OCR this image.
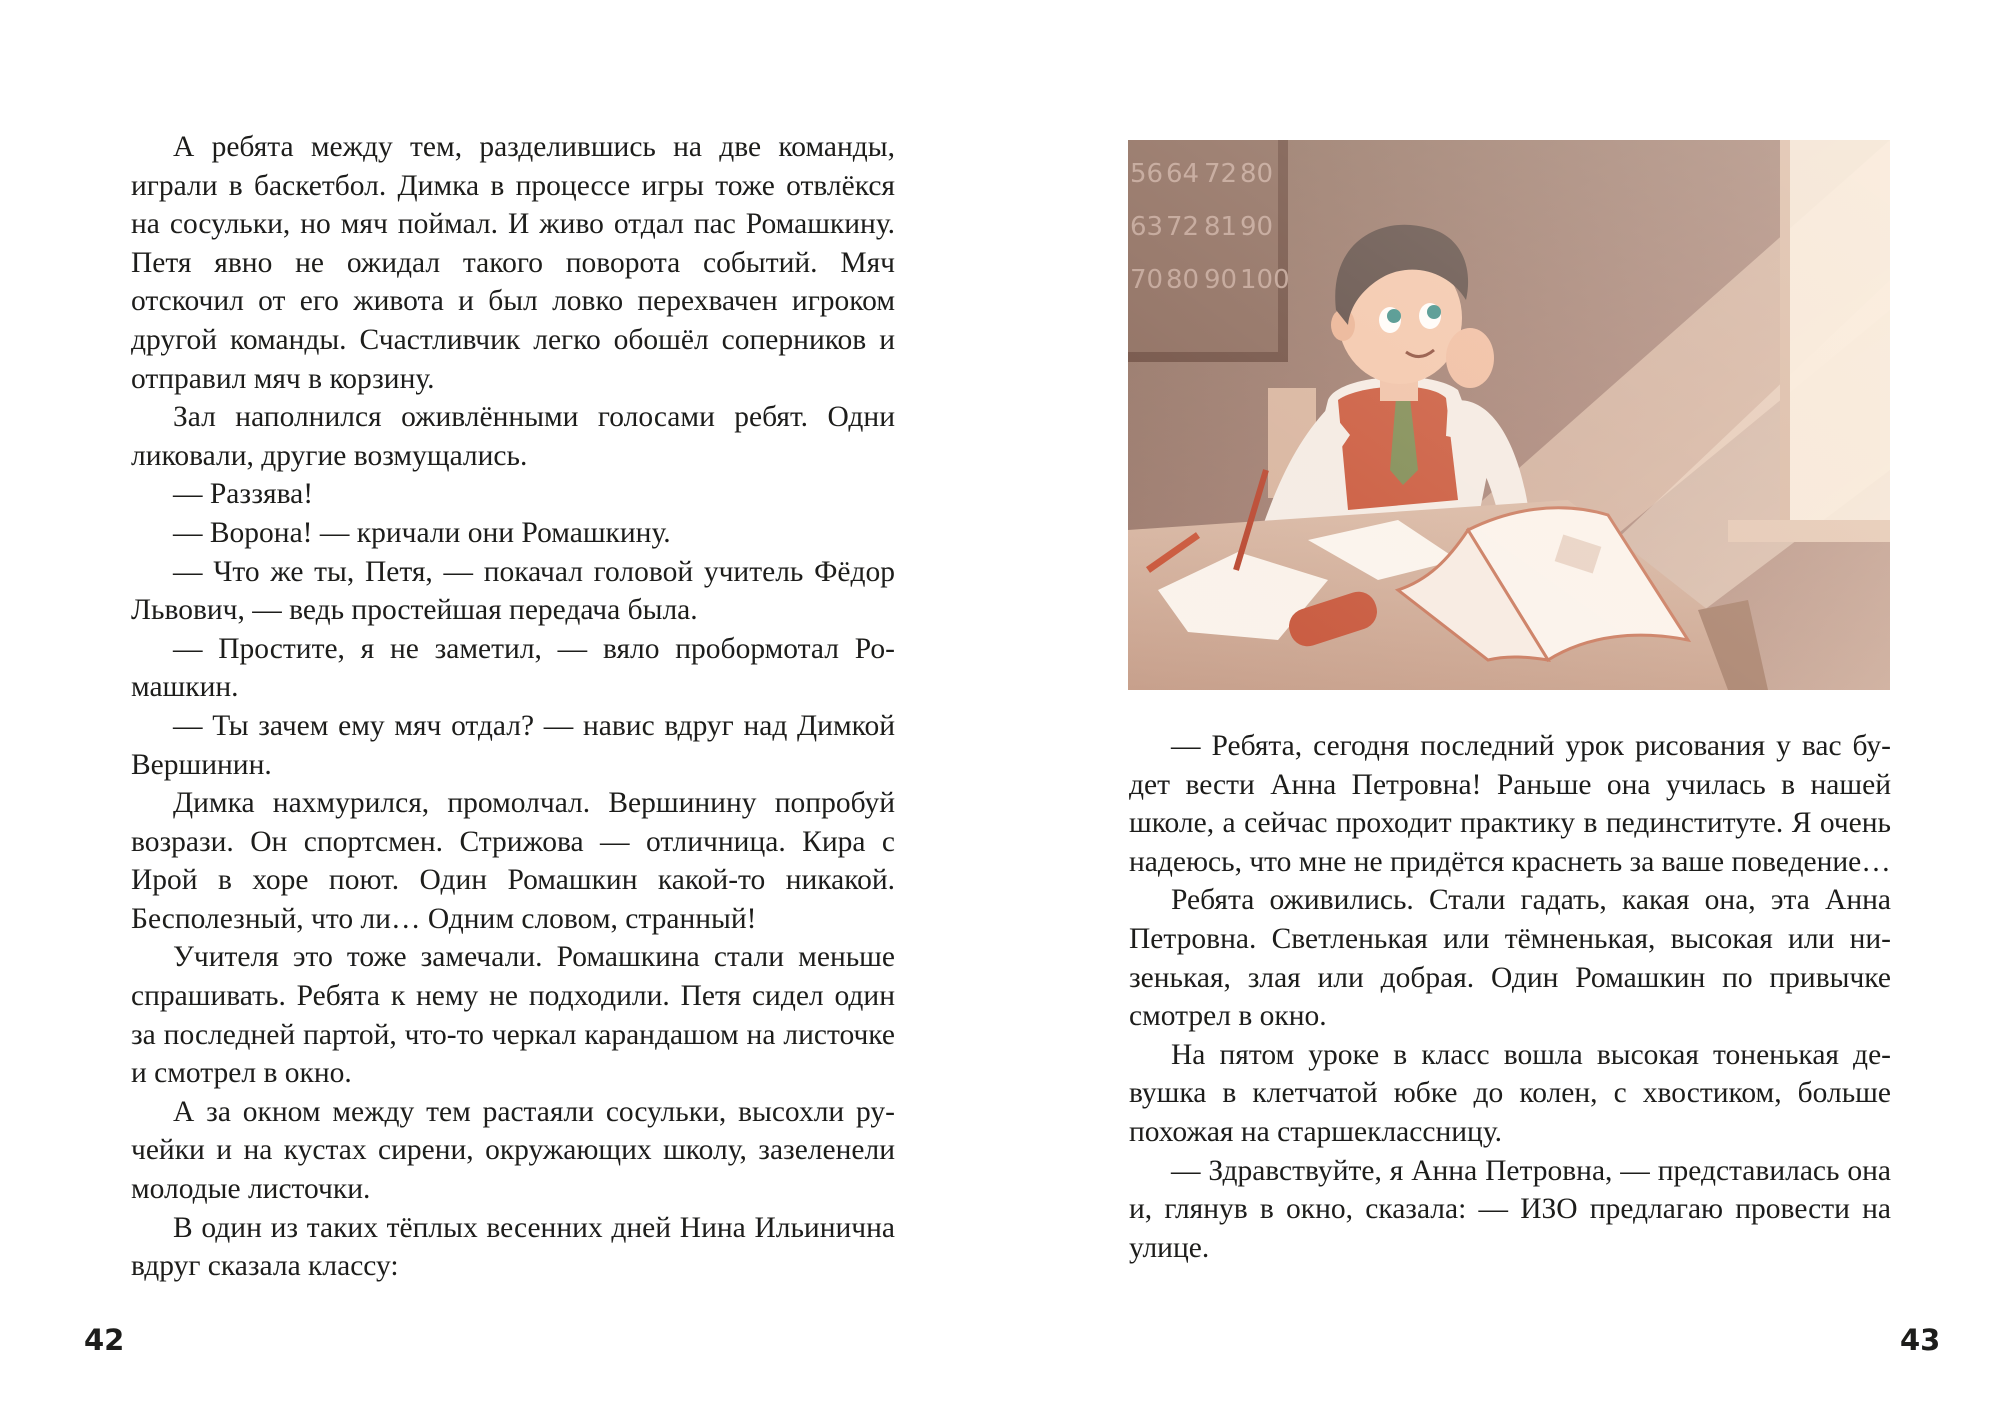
А ребята между тем, разделившись на две команды, играли в баскетбол. Димка в процессе игры тоже отвлёкся на сосульки, но мяч поймал. И живо отдал пас Ромашкину. Петя явно не ожидал такого поворота событий. Мяч отскочил от его живота и был ловко перехвачен игроком другой команды. Счастливчик легко обошёл соперников и отправил мяч в корзину.

Зал наполнился оживлёнными голосами ребят. Одни ликовали, другие возмущались.

— Раззява!

— Ворона! — кричали они Ромашкину.

— Что же ты, Петя, — покачал головой учитель Фёдор Львович, — ведь простейшая передача была.

— Простите, я не заметил, — вяло пробормотал Ромашкин.

— Ты зачем ему мяч отдал? — навис вдруг над Димкой Вершинин.

Димка нахмурился, промолчал. Вершинину попробуй возрази. Он спортсмен. Стрижова — отличница. Кира с Ирой в хоре поют. Один Ромашкин какой-то никакой. Бесполезный, что ли… Одним словом, странный!

Учителя это тоже замечали. Ромашкина стали меньше спрашивать. Ребята к нему не подходили. Петя сидел один за последней партой, что-то черкал карандашом на листочке и смотрел в окно.

А за окном между тем растаяли сосульки, высохли ручейки и на кустах сирени, окружающих школу, зазеленели молодые листочки.

В один из таких тёплых весенних дней Нина Ильинична вдруг сказала классу:

42
56 64 72 80
63 72 81 90
70 80 90 100

— Ребята, сегодня последний урок рисования у вас будет вести Анна Петровна! Раньше она училась в нашей школе, а сейчас проходит практику в пединституте. Я очень надеюсь, что мне не придётся краснеть за ваше поведение…

Ребята оживились. Стали гадать, какая она, эта Анна Петровна. Светленькая или тёмненькая, высокая или низенькая, злая или добрая. Один Ромашкин по привычке смотрел в окно.

На пятом уроке в класс вошла высокая тоненькая девушка в клетчатой юбке до колен, с хвостиком, больше похожая на старшеклассницу.

— Здравствуйте, я Анна Петровна, — представилась она и, глянув в окно, сказала: — ИЗО предлагаю провести на улице.

43
